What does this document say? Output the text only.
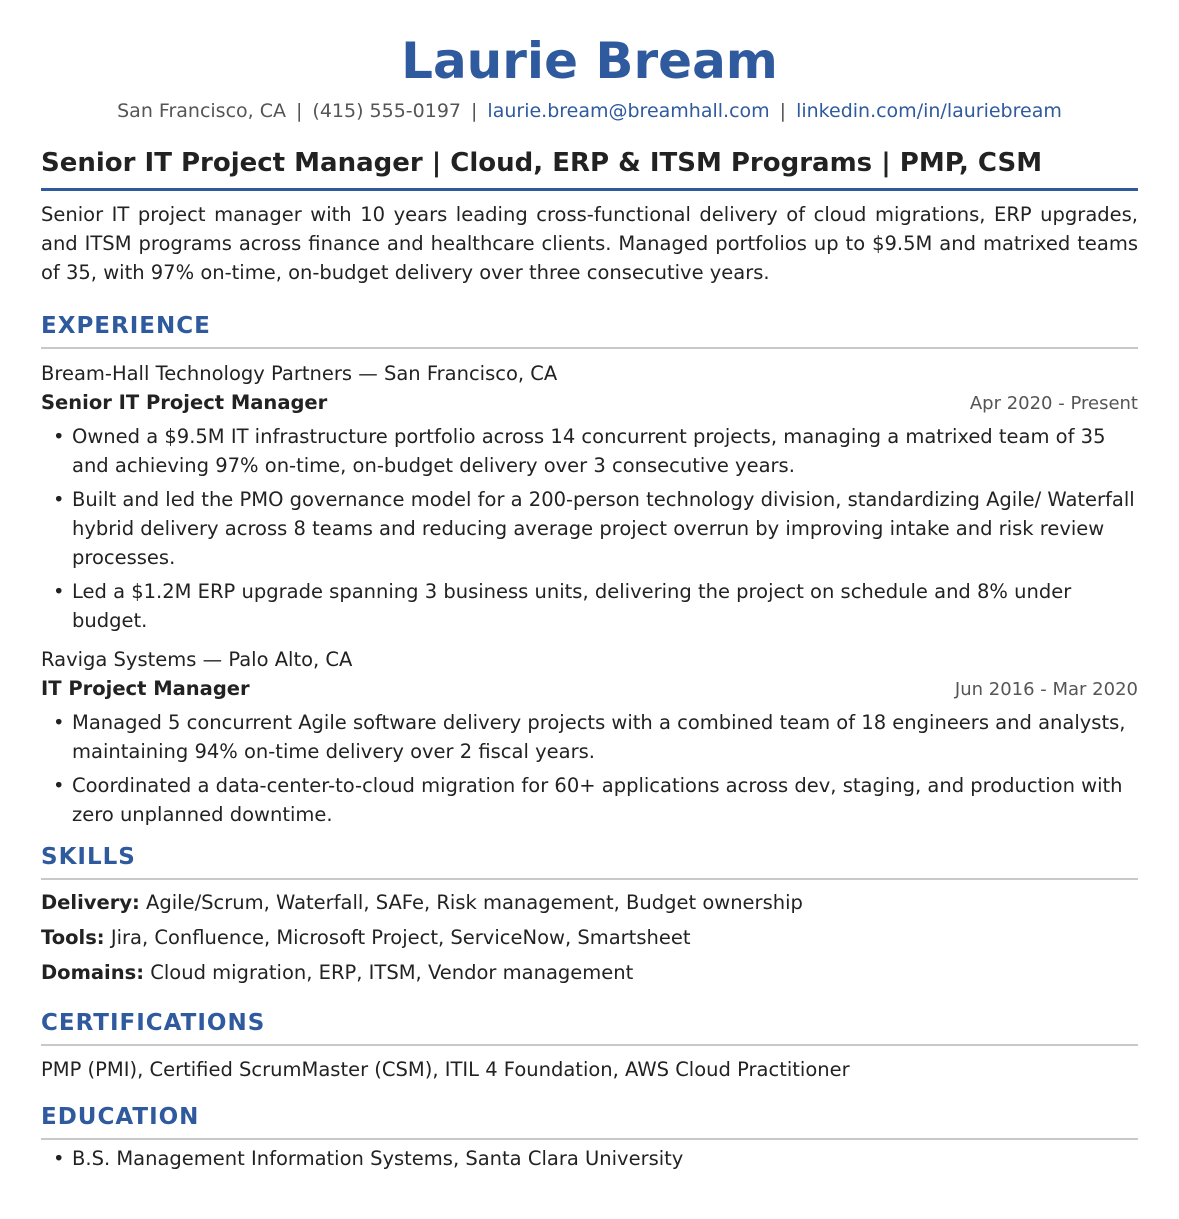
Laurie Bream
San Francisco, CA | (415) 555-0197 | laurie.bream@breamhall.com | linkedin.com/in/lauriebream
Senior IT Project Manager | Cloud, ERP & ITSM Programs | PMP, CSM
Senior IT project manager with 10 years leading cross-functional delivery of cloud migrations, ERP upgrades, and ITSM programs across finance and healthcare clients. Managed portfolios up to $9.5M and matrixed teams of 35, with 97% on-time, on-budget delivery over three consecutive years.
EXPERIENCE
Bream-Hall Technology Partners — San Francisco, CA
Senior IT Project Manager	Apr 2020 - Present
• Owned a $9.5M IT infrastructure portfolio across 14 concurrent projects, managing a matrixed team of 35 and achieving 97% on-time, on-budget delivery over 3 consecutive years.
• Built and led the PMO governance model for a 200-person technology division, standardizing Agile/ Waterfall hybrid delivery across 8 teams and reducing average project overrun by improving intake and risk review processes.
• Led a $1.2M ERP upgrade spanning 3 business units, delivering the project on schedule and 8% under budget.
Raviga Systems — Palo Alto, CA
IT Project Manager	Jun 2016 - Mar 2020
• Managed 5 concurrent Agile software delivery projects with a combined team of 18 engineers and analysts, maintaining 94% on-time delivery over 2 fiscal years.
• Coordinated a data-center-to-cloud migration for 60+ applications across dev, staging, and production with zero unplanned downtime.
SKILLS
Delivery: Agile/Scrum, Waterfall, SAFe, Risk management, Budget ownership
Tools: Jira, Confluence, Microsoft Project, ServiceNow, Smartsheet
Domains: Cloud migration, ERP, ITSM, Vendor management
CERTIFICATIONS
PMP (PMI), Certified ScrumMaster (CSM), ITIL 4 Foundation, AWS Cloud Practitioner
EDUCATION
• B.S. Management Information Systems, Santa Clara University
